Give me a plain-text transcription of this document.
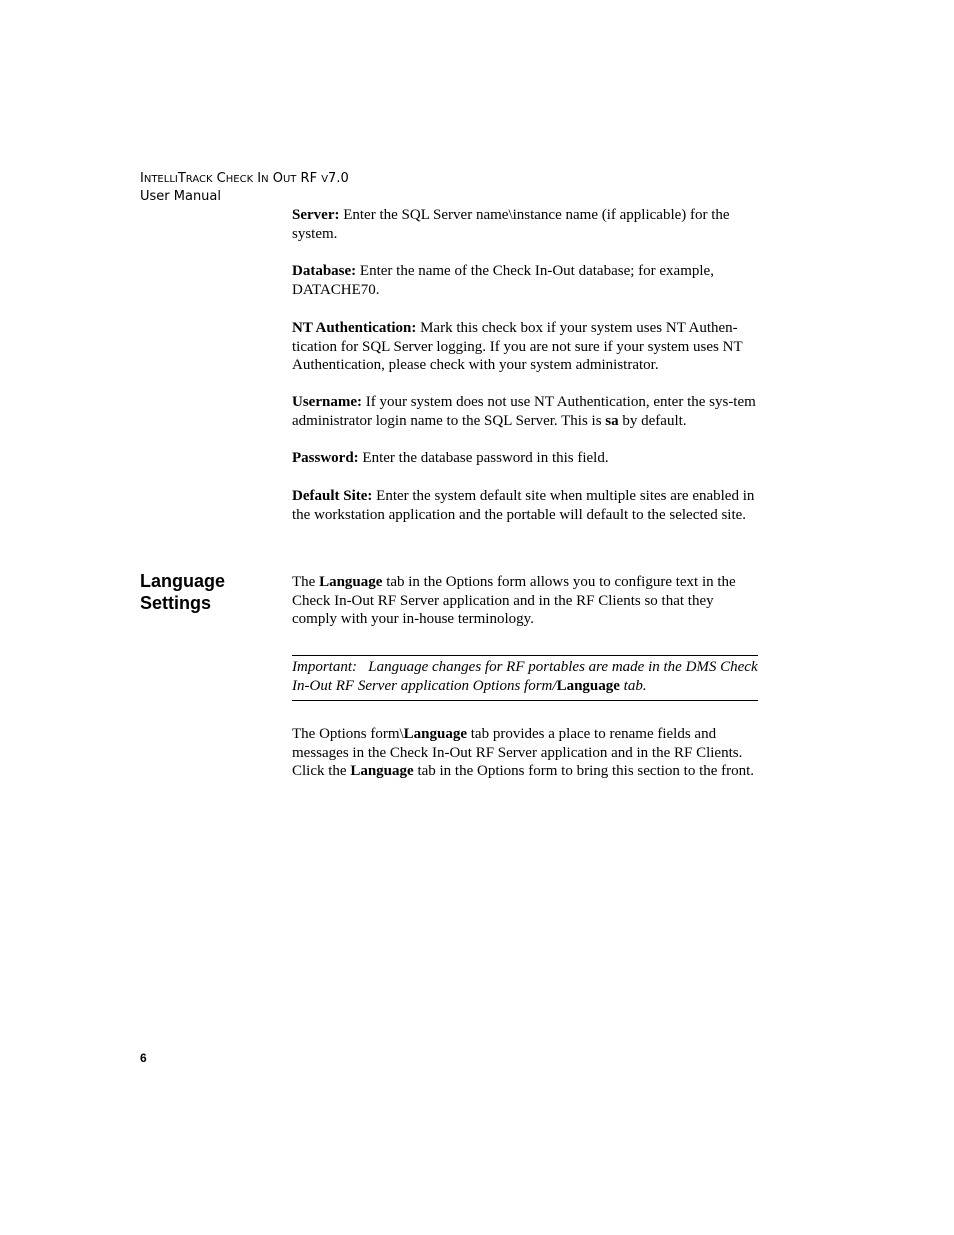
INTELLITRACK CHECK IN OUT RF V7.0
User Manual

Server: Enter the SQL Server name\instance name (if applicable) for the system.

Database: Enter the name of the Check In-Out database; for example, DATACHE70.

NT Authentication: Mark this check box if your system uses NT Authen-tication for SQL Server logging. If you are not sure if your system uses NT Authentication, please check with your system administrator.

Username: If your system does not use NT Authentication, enter the sys-tem administrator login name to the SQL Server. This is sa by default.

Password: Enter the database password in this field.

Default Site: Enter the system default site when multiple sites are enabled in the workstation application and the portable will default to the selected site.

Language Settings

The Language tab in the Options form allows you to configure text in the Check In-Out RF Server application and in the RF Clients so that they comply with your in-house terminology.

Important: Language changes for RF portables are made in the DMS Check In-Out RF Server application Options form/Language tab.

The Options form\Language tab provides a place to rename fields and messages in the Check In-Out RF Server application and in the RF Clients. Click the Language tab in the Options form to bring this section to the front.

6
